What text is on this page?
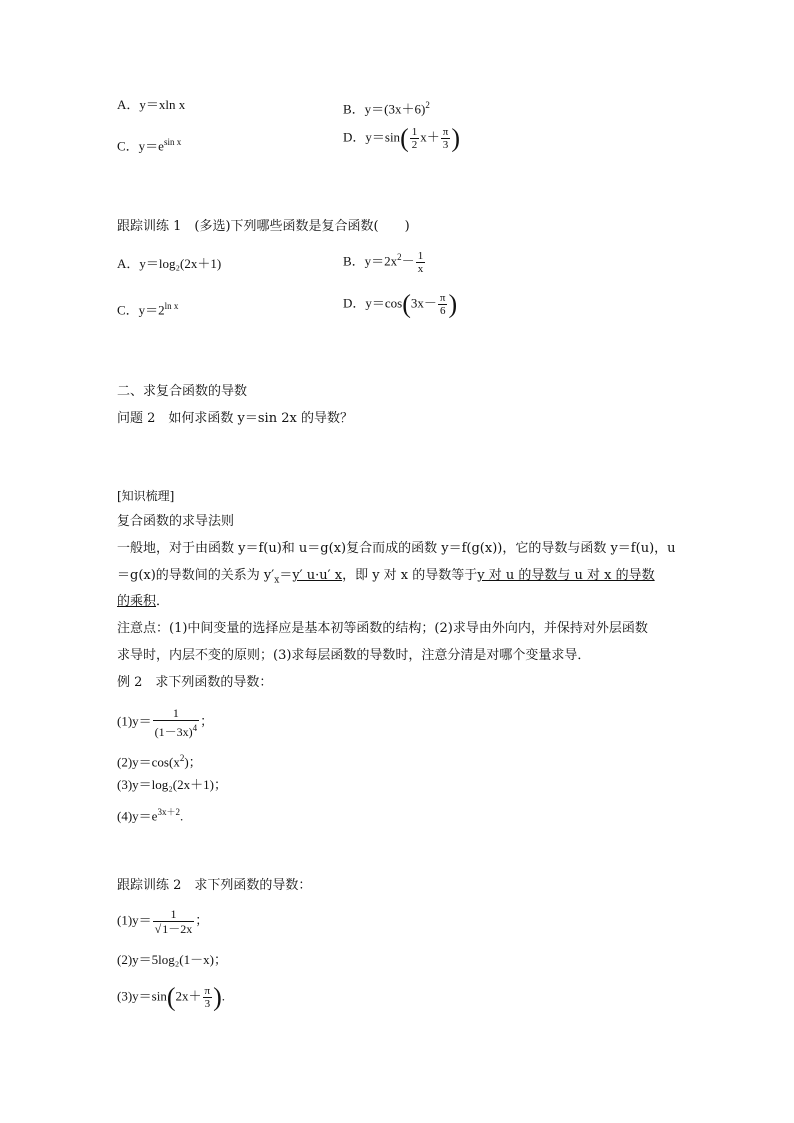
A．y＝xln x	B．$y=(3x+6)^2$
C．$y=e^{sin x}$	D．$y=\sin( \frac{1}{2} x+ \frac{\pi}{3}$ )
跟踪训练 1　(多选)下列哪些函数是复合函数(　　)
A．y＝log₂(2x＋1)	B．$y=2x^2- \frac{1}{x}$
C．$y=2^{ln x}$	D．$y=\cos(3x- \frac{\pi}{6}$ )
二、求复合函数的导数
问题 2　如何求函数 y＝sin 2x 的导数？
[知识梳理]
复合函数的求导法则
一般地，对于由函数 y＝f(u)和 u＝g(x)复合而成的函数 y＝f(g(x))，它的导数与函数 y＝f(u)，u
＝g(x)的导数间的关系为 $y'_x=y'$ u·u′ x，即 y 对 x 的导数等于y 对 u 的导数与 u 对 x 的导数
的乘积．
注意点：(1)中间变量的选择应是基本初等函数的结构；(2)求导由外向内，并保持对外层函数
求导时，内层不变的原则；(3)求每层函数的导数时，注意分清是对哪个变量求导．
例 2　求下列函数的导数：
$(1)y= \frac{1}{(1-3x)^4}$ ；
$(2)y=\cos(x^2)$；
(3)y＝log₂(2x＋1)；
$(4)y=e^{3x+2}$.
跟踪训练 2　求下列函数的导数：
$(1)y= \frac{1}{√1-2x}$ ；
(2)y＝5log₂(1－x)；
$(3)y=\sin(2x+ \frac{\pi}{3}$ ).
